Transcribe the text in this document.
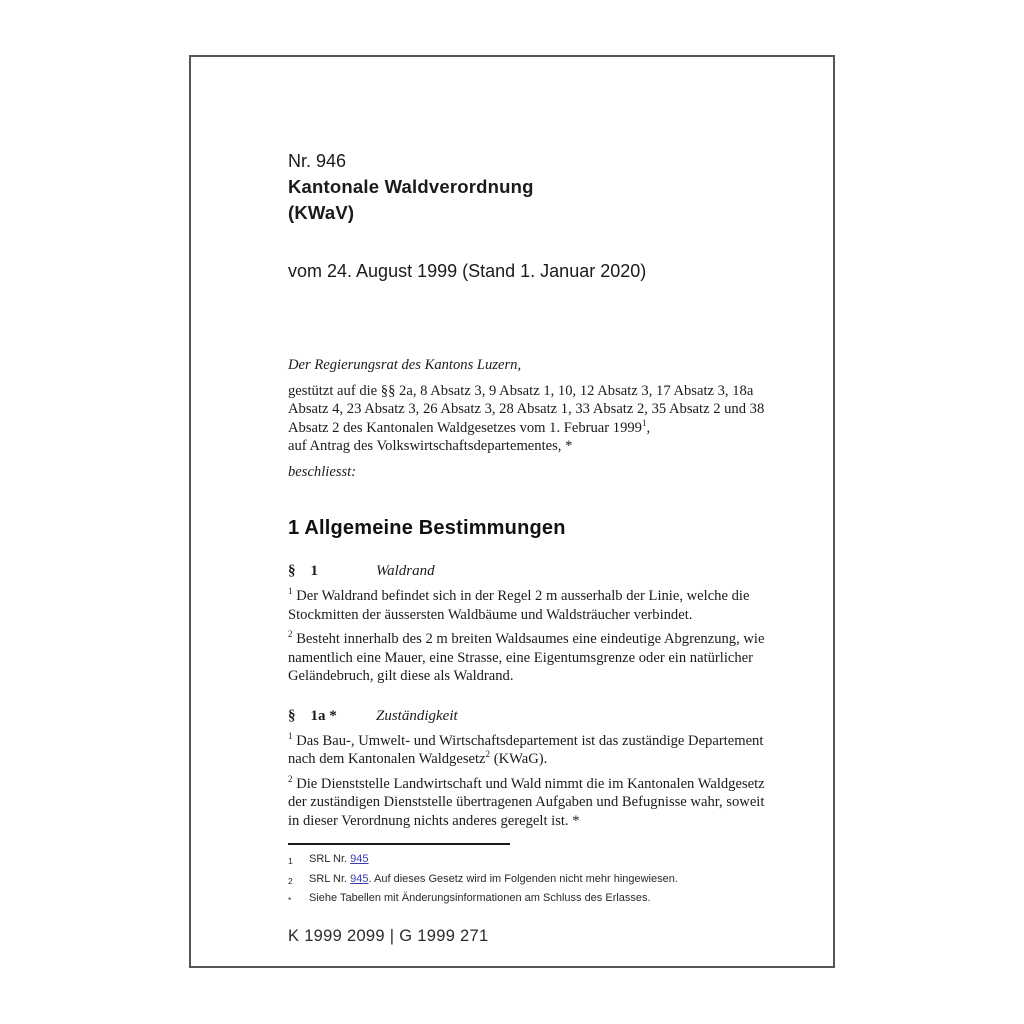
Nr. 946
Kantonale Waldverordnung
(KWaV)
vom 24. August 1999 (Stand 1. Januar 2020)
Der Regierungsrat des Kantons Luzern,
gestützt auf die §§ 2a, 8 Absatz 3, 9 Absatz 1, 10, 12 Absatz 3, 17 Absatz 3, 18a Absatz 4, 23 Absatz 3, 26 Absatz 3, 28 Absatz 1, 33 Absatz 2, 35 Absatz 2 und 38 Absatz 2 des Kantonalen Waldgesetzes vom 1. Februar 1999$^1$,
auf Antrag des Volkswirtschaftsdepartementes, *
beschliesst:
1 Allgemeine Bestimmungen
§ 1	Waldrand
$^1$ Der Waldrand befindet sich in der Regel 2 m ausserhalb der Linie, welche die Stockmitten der äussersten Waldbäume und Waldsträucher verbindet.
$^2$ Besteht innerhalb des 2 m breiten Waldsaumes eine eindeutige Abgrenzung, wie namentlich eine Mauer, eine Strasse, eine Eigentumsgrenze oder ein natürlicher Geländebruch, gilt diese als Waldrand.
§ 1a *	Zuständigkeit
$^1$ Das Bau-, Umwelt- und Wirtschaftsdepartement ist das zuständige Departement nach dem Kantonalen Waldgesetz$^2$ (KWaG).
$^2$ Die Dienststelle Landwirtschaft und Wald nimmt die im Kantonalen Waldgesetz der zuständigen Dienststelle übertragenen Aufgaben und Befugnisse wahr, soweit in dieser Verordnung nichts anderes geregelt ist. *
1	SRL Nr. 945
2	SRL Nr. 945. Auf dieses Gesetz wird im Folgenden nicht mehr hingewiesen.
*	Siehe Tabellen mit Änderungsinformationen am Schluss des Erlasses.
K 1999 2099 | G 1999 271
